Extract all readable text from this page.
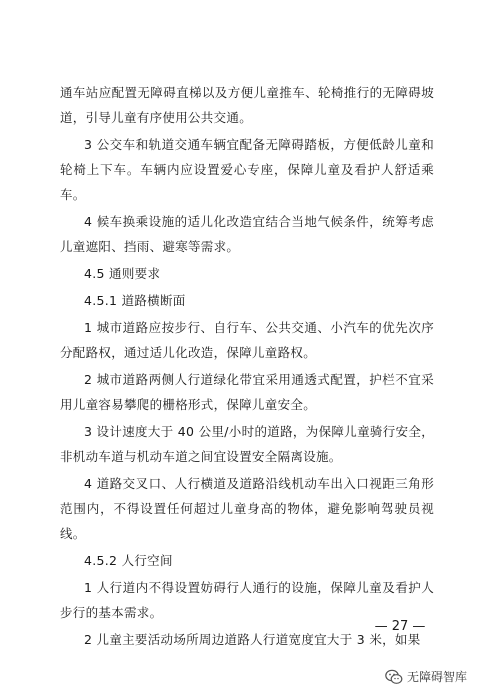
通车站应配置无障碍直梯以及方便儿童推车、轮椅推行的无障碍坡道，引导儿童有序使用公共交通。

3 公交车和轨道交通车辆宜配备无障碍踏板，方便低龄儿童和轮椅上下车。车辆内应设置爱心专座，保障儿童及看护人舒适乘车。

4 候车换乘设施的适儿化改造宜结合当地气候条件，统筹考虑儿童遮阳、挡雨、避寒等需求。

4.5 通则要求

4.5.1 道路横断面

1 城市道路应按步行、自行车、公共交通、小汽车的优先次序分配路权，通过适儿化改造，保障儿童路权。

2 城市道路两侧人行道绿化带宜采用通透式配置，护栏不宜采用儿童容易攀爬的栅格形式，保障儿童安全。

3 设计速度大于 40 公里/小时的道路，为保障儿童骑行安全，非机动车道与机动车道之间宜设置安全隔离设施。

4 道路交叉口、人行横道及道路沿线机动车出入口视距三角形范围内，不得设置任何超过儿童身高的物体，避免影响驾驶员视线。

4.5.2 人行空间

1 人行道内不得设置妨碍行人通行的设施，保障儿童及看护人步行的基本需求。

2 儿童主要活动场所周边道路人行道宽度宜大于 3 米，如果

— 27 —
无障碍智库
